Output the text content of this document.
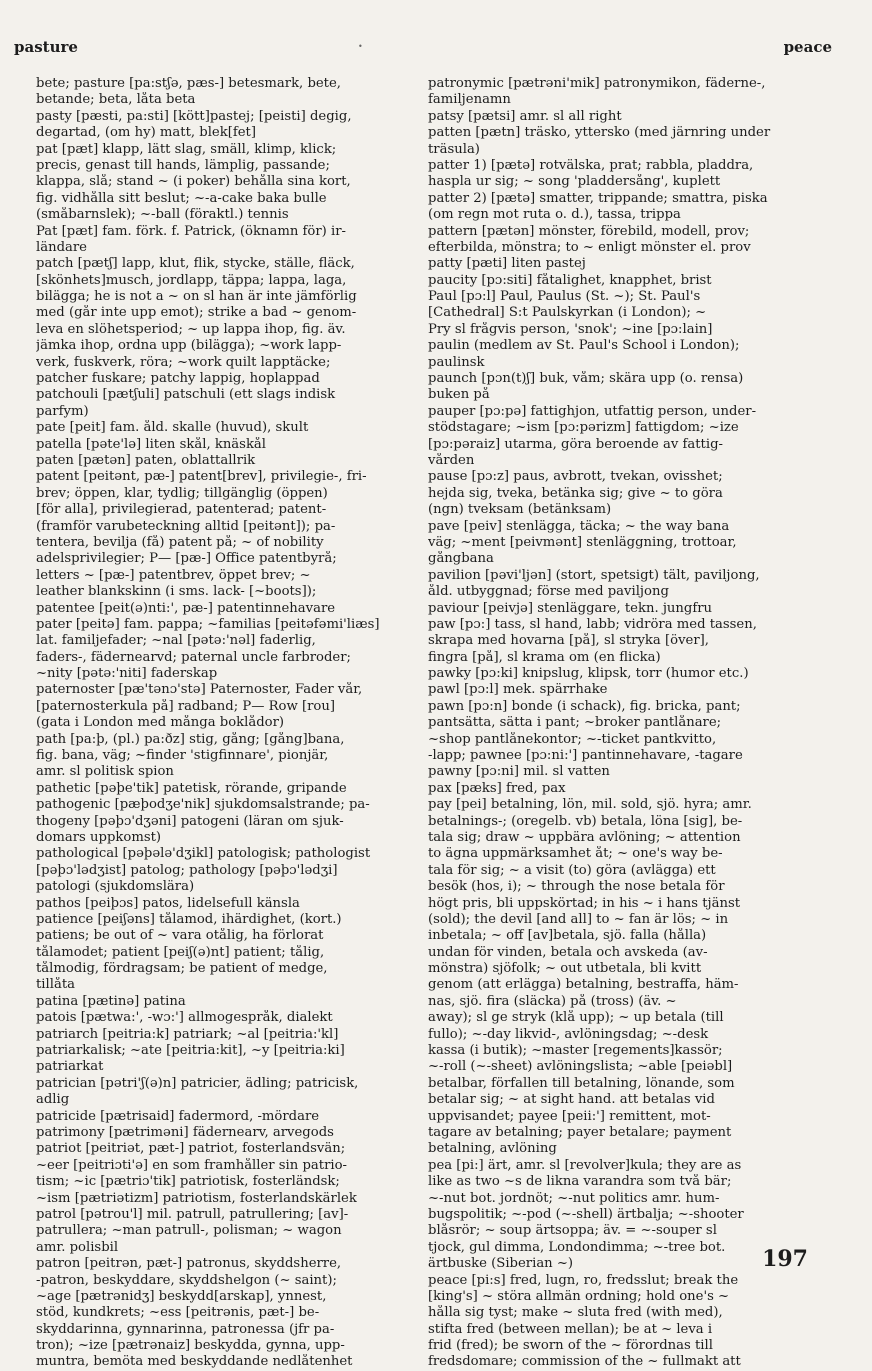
pasture	•	peace
bete; pasture [pa:stʃə, pæs-] betesmark, bete,
betande; beta, låta beta
pasty [pæsti, pa:sti] [kött]pastej; [peisti] degig,
degartad, (om hy) matt, blek[fet]
pat [pæt] klapp, lätt slag, smäll, klimp, klick;
precis, genast till hands, lämplig, passande;
klappa, slå; stand ~ (i poker) behålla sina kort,
fig. vidhålla sitt beslut; ~-a-cake baka bulle
(småbarnslek); ~-ball (föraktl.) tennis
Pat [pæt] fam. förk. f. Patrick, (öknamn för) ir-
ländare
patch [pætʃ] lapp, klut, flik, stycke, ställe, fläck,
[skönhets]musch, jordlapp, täppa; lappa, laga,
bilägga; he is not a ~ on sl han är inte jämförlig
med (går inte upp emot); strike a bad ~ genom-
leva en slöhetsperiod; ~ up lappa ihop, fig. äv.
jämka ihop, ordna upp (bilägga); ~work lapp-
verk, fuskverk, röra; ~work quilt lapptäcke;
patcher fuskare; patchy lappig, hoplappad
patchouli [pætʃuli] patschuli (ett slags indisk
parfym)
pate [peit] fam. åld. skalle (huvud), skult
patella [pəte'lə] liten skål, knäskål
paten [pætən] paten, oblattallrik
patent [peitənt, pæ-] patent[brev], privilegie-, fri-
brev; öppen, klar, tydlig; tillgänglig (öppen)
[för alla], privilegierad, patenterad; patent-
(framför varubeteckning alltid [peitənt]); pa-
tentera, bevilja (få) patent på; ~ of nobility
adelsprivilegier; P— [pæ-] Office patentbyrå;
letters ~ [pæ-] patentbrev, öppet brev; ~
leather blankskinn (i sms. lack- [~boots]);
patentee [peit(ə)nti:', pæ-] patentinnehavare
pater [peitə] fam. pappa; ~familias [peitəfəmi'liæs]
lat. familjefader; ~nal [pətə:'nəl] faderlig,
faders-, fädernearvd; paternal uncle farbroder;
~nity [pətə:'niti] faderskap
paternoster [pæ'tənɔ'stə] Paternoster, Fader vår,
[paternosterkula på] radband; P— Row [rou]
(gata i London med många boklådor)
path [pa:þ, (pl.) pa:ðz] stig, gång; [gång]bana,
fig. bana, väg; ~finder 'stigfinnare', pionjär,
amr. sl politisk spion
pathetic [pəþe'tik] patetisk, rörande, gripande
pathogenic [pæþodʒe'nik] sjukdomsalstrande; pa-
thogeny [pəþɔ'dʒəni] patogeni (läran om sjuk-
domars uppkomst)
pathological [pəþələ'dʒikl] patologisk; pathologist
[pəþɔ'lədʒist] patolog; pathology [pəþɔ'lədʒi]
patologi (sjukdomslära)
pathos [peiþɔs] patos, lidelsefull känsla
patience [peiʃəns] tålamod, ihärdighet, (kort.)
patiens; be out of ~ vara otålig, ha förlorat
tålamodet; patient [peiʃ(ə)nt] patient; tålig,
tålmodig, fördragsam; be patient of medge,
tillåta
patina [pætinə] patina
patois [pætwa:', -wɔ:'] allmogespråk, dialekt
patriarch [peitria:k] patriark; ~al [peitria:'kl]
patriarkalisk; ~ate [peitria:kit], ~y [peitria:ki]
patriarkat
patrician [pətri'ʃ(ə)n] patricier, ädling; patricisk,
adlig
patricide [pætrisaid] fadermord, -mördare
patrimony [pætriməni] fädernearv, arvegods
patriot [peitriət, pæt-] patriot, fosterlandsvän;
~eer [peitriɔti'ə] en som framhåller sin patrio-
tism; ~ic [pætriɔ'tik] patriotisk, fosterländsk;
~ism [pætriətizm] patriotism, fosterlandskärlek
patrol [pətrou'l] mil. patrull, patrullering; [av]-
patrullera; ~man patrull-, polisman; ~ wagon
amr. polisbil
patron [peitrən, pæt-] patronus, skyddsherre,
-patron, beskyddare, skyddshelgon (~ saint);
~age [pætrənidʒ] beskydd[arskap], ynnest,
stöd, kundkrets; ~ess [peitrənis, pæt-] be-
skyddarinna, gynnarinna, patronessa (jfr pa-
tron); ~ize [pætrənaiz] beskydda, gynna, upp-
muntra, bemöta med beskyddande nedlåtenhet
patronymic [pætrəni'mik] patronymikon, fäderne-,
familjenamn
patsy [pætsi] amr. sl all right
patten [pætn] träsko, yttersko (med järnring under
träsula)
patter 1) [pætə] rotvälska, prat; rabbla, pladdra,
haspla ur sig; ~ song 'pladdersång', kuplett
patter 2) [pætə] smatter, trippande; smattra, piska
(om regn mot ruta o. d.), tassa, trippa
pattern [pætən] mönster, förebild, modell, prov;
efterbilda, mönstra; to ~ enligt mönster el. prov
patty [pæti] liten pastej
paucity [pɔ:siti] fåtalighet, knapphet, brist
Paul [pɔ:l] Paul, Paulus (St. ~); St. Paul's
[Cathedral] S:t Paulskyrkan (i London); ~
Pry sl frågvis person, 'snok'; ~ine [pɔ:lain]
paulin (medlem av St. Paul's School i London);
paulinsk
paunch [pɔn(t)ʃ] buk, våm; skära upp (o. rensa)
buken på
pauper [pɔ:pə] fattighjon, utfattig person, under-
stödstagare; ~ism [pɔ:pərizm] fattigdom; ~ize
[pɔ:pəraiz] utarma, göra beroende av fattig-
vården
pause [pɔ:z] paus, avbrott, tvekan, ovisshet;
hejda sig, tveka, betänka sig; give ~ to göra
(ngn) tveksam (betänksam)
pave [peiv] stenlägga, täcka; ~ the way bana
väg; ~ment [peivmənt] stenläggning, trottoar,
gångbana
pavilion [pəvi'ljən] (stort, spetsigt) tält, paviljong,
åld. utbyggnad; förse med paviljong
paviour [peivjə] stenläggare, tekn. jungfru
paw [pɔ:] tass, sl hand, labb; vidröra med tassen,
skrapa med hovarna [på], sl stryka [över],
fingra [på], sl krama om (en flicka)
pawky [pɔ:ki] knipslug, klipsk, torr (humor etc.)
pawl [pɔ:l] mek. spärrhake
pawn [pɔ:n] bonde (i schack), fig. bricka, pant;
pantsätta, sätta i pant; ~broker pantlånare;
~shop pantlånekontor; ~-ticket pantkvitto,
-lapp; pawnee [pɔ:ni:'] pantinnehavare, -tagare
pawny [pɔ:ni] mil. sl vatten
pax [pæks] fred, pax
pay [pei] betalning, lön, mil. sold, sjö. hyra; amr.
betalnings-; (oregelb. vb) betala, löna [sig], be-
tala sig; draw ~ uppbära avlöning; ~ attention
to ägna uppmärksamhet åt; ~ one's way be-
tala för sig; ~ a visit (to) göra (avlägga) ett
besök (hos, i); ~ through the nose betala för
högt pris, bli uppskörtad; in his ~ i hans tjänst
(sold); the devil [and all] to ~ fan är lös; ~ in
inbetala; ~ off [av]betala, sjö. falla (hålla)
undan för vinden, betala och avskeda (av-
mönstra) sjöfolk; ~ out utbetala, bli kvitt
genom (att erlägga) betalning, bestraffa, häm-
nas, sjö. fira (släcka) på (tross) (äv. ~
away); sl ge stryk (klå upp); ~ up betala (till
fullo); ~-day likvid-, avlöningsdag; ~-desk
kassa (i butik); ~master [regements]kassör;
~-roll (~-sheet) avlöningslista; ~able [peiəbl]
betalbar, förfallen till betalning, lönande, som
betalar sig; ~ at sight hand. att betalas vid
uppvisandet; payee [peii:'] remittent, mot-
tagare av betalning; payer betalare; payment
betalning, avlöning
pea [pi:] ärt, amr. sl [revolver]kula; they are as
like as two ~s de likna varandra som två bär;
~-nut bot. jordnöt; ~-nut politics amr. hum-
bugspolitik; ~-pod (~-shell) ärtbalja; ~-shooter
blåsrör; ~ soup ärtsoppa; äv. = ~-souper sl
tjock, gul dimma, Londondimma; ~-tree bot.
ärtbuske (Siberian ~)
peace [pi:s] fred, lugn, ro, fredsslut; break the
[king's] ~ störa allmän ordning; hold one's ~
hålla sig tyst; make ~ sluta fred (with med),
stifta fred (between mellan); be at ~ leva i
frid (fred); be sworn of the ~ förordnas till
fredsdomare; commission of the ~ fullmakt att
197
